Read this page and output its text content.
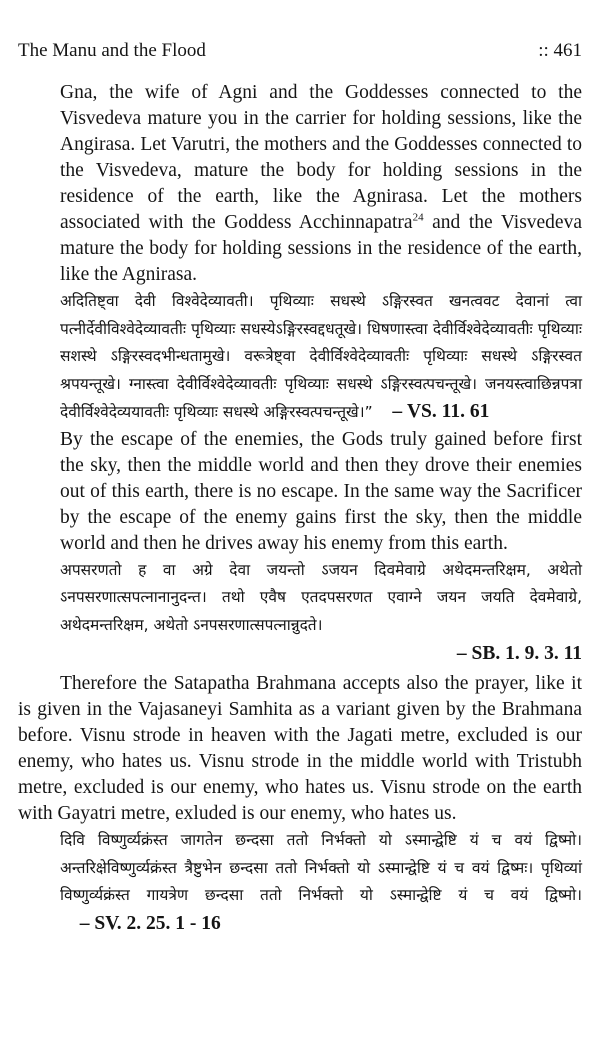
The Manu and the Flood	:: 461

Gna, the wife of Agni and the Goddesses connected to the Visvedeva mature you in the carrier for holding sessions, like the Angirasa. Let Varutri, the mothers and the Goddesses connected to the Visvedeva, mature the body for holding sessions in the residence of the earth, like the Agnirasa. Let the mothers associated with the Goddess Acchinnapatra$^{24}$ and the Visvedeva mature the body for holding sessions in the residence of the earth, like the Agnirasa.

अदितिष्ट्वा देवी विश्वेदेव्यावती। पृथिव्याः सधस्थे ऽङ्गिरस्वत खनत्ववट देवानां त्वा पत्नीर्देवीविश्वेदेव्यावतीः पृथिव्याः सधस्येऽङ्गिरस्वद्दधतूखे। धिषणास्त्वा देवीर्विश्वेदेव्यावतीः पृथिव्याः सशस्थे ऽङ्गिरस्वदभीन्धतामुखे। वरूत्रेष्ट्वा देवीर्विश्वेदेव्यावतीः पृथिव्याः सधस्थे ऽङ्गिरस्वत श्रपयन्तूखे। ग्नास्त्वा देवीर्विश्वेदेव्यावतीः पृथिव्याः सधस्थे ऽङ्गिरस्वत्पचन्तूखे। जनयस्त्वाछिन्नपत्रा देवीर्विश्वेदेव्ययावतीः पृथिव्याः सधस्थे अङ्गिरस्वत्पचन्तूखे।” – VS. 11. 61

By the escape of the enemies, the Gods truly gained before first the sky, then the middle world and then they drove their enemies out of this earth, there is no escape. In the same way the Sacrificer by the escape of the enemy gains first the sky, then the middle world and then he drives away his enemy from this earth.

अपसरणतो ह वा अग्रे देवा जयन्तो ऽजयन दिवमेवाग्रे अथेदमन्तरिक्षम, अथेतो ऽनपसरणात्सपत्नानानुदन्त। तथो एवैष एतदपसरणत एवाग्ने जयन जयति देवमेवाग्रे, अथेदमन्तरिक्षम, अथेतो ऽनपसरणात्सपत्नान्नुदते।

– SB. 1. 9. 3. 11

Therefore the Satapatha Brahmana accepts also the prayer, like it is given in the Vajasaneyi Samhita as a variant given by the Brahmana before. Visnu strode in heaven with the Jagati metre, excluded is our enemy, who hates us. Visnu strode in the middle world with Tristubh metre, excluded is our enemy, who hates us. Visnu strode on the earth with Gayatri metre, exluded is our enemy, who hates us.

दिवि विष्णुर्व्यक्रंस्त जागतेन छन्दसा ततो निर्भक्तो यो ऽस्मान्द्वेष्टि यं च वयं द्विष्मो। अन्तरिक्षेविष्णुर्व्यक्रंस्त त्रैष्टुभेन छन्दसा ततो निर्भक्तो यो ऽस्मान्द्वेष्टि यं च वयं द्विष्मः। पृथिव्यां विष्णुर्व्यक्रंस्त गायत्रेण छन्दसा ततो निर्भक्तो यो ऽस्मान्द्वेष्टि यं च वयं द्विष्मो।    – SV. 2. 25. 1 - 16
